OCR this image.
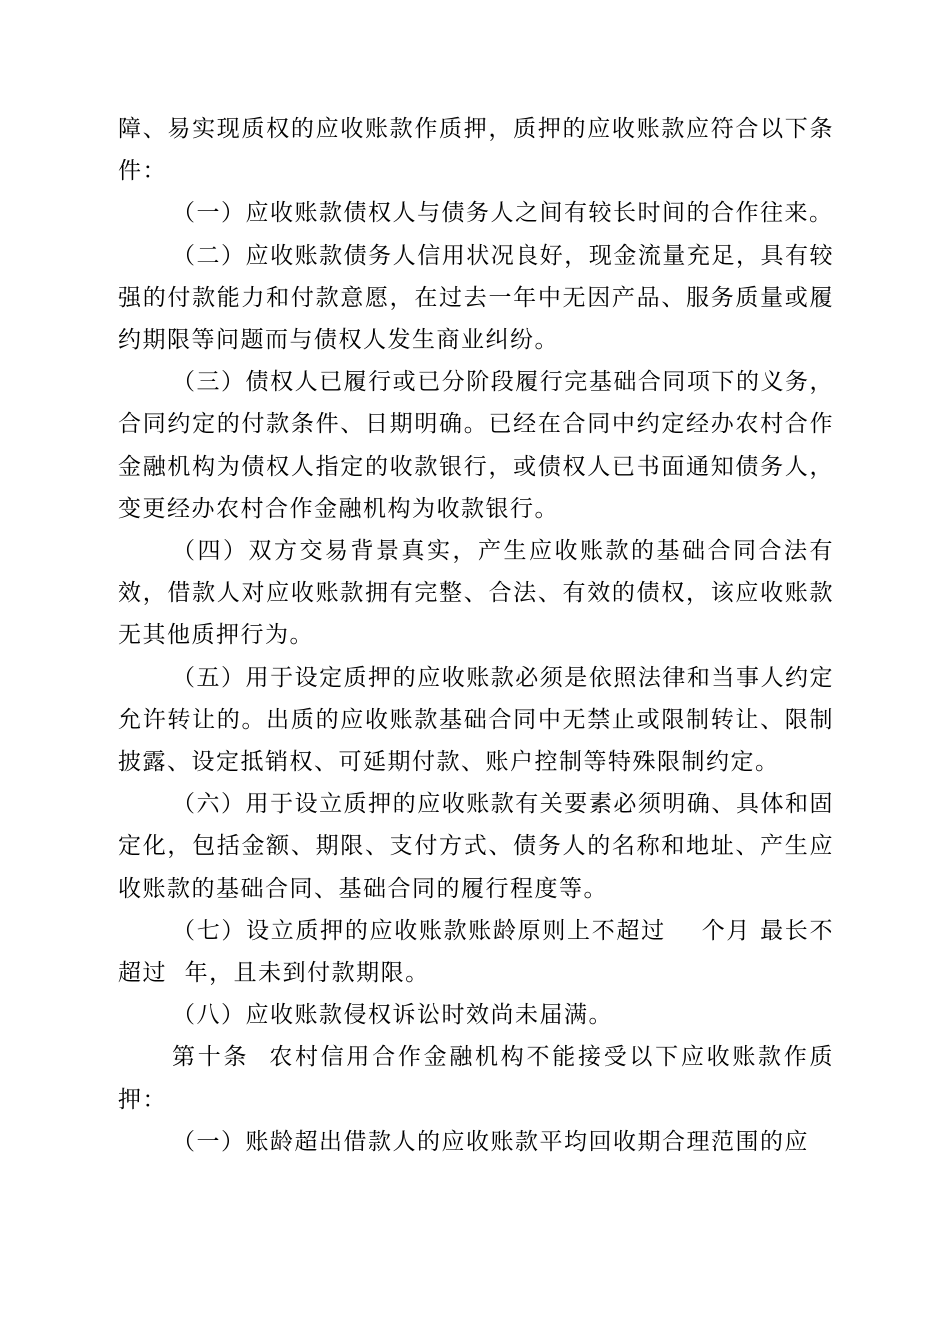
障、易实现质权的应收账款作质押，质押的应收账款应符合以下条件：

（一）应收账款债权人与债务人之间有较长时间的合作往来。

（二）应收账款债务人信用状况良好，现金流量充足，具有较强的付款能力和付款意愿，在过去一年中无因产品、服务质量或履约期限等问题而与债权人发生商业纠纷。

（三）债权人已履行或已分阶段履行完基础合同项下的义务，合同约定的付款条件、日期明确。已经在合同中约定经办农村合作金融机构为债权人指定的收款银行，或债权人已书面通知债务人，变更经办农村合作金融机构为收款银行。

（四）双方交易背景真实，产生应收账款的基础合同合法有效，借款人对应收账款拥有完整、合法、有效的债权，该应收账款无其他质押行为。

（五）用于设定质押的应收账款必须是依照法律和当事人约定允许转让的。出质的应收账款基础合同中无禁止或限制转让、限制披露、设定抵销权、可延期付款、账户控制等特殊限制约定。

（六）用于设立质押的应收账款有关要素必须明确、具体和固定化，包括金额、期限、支付方式、债务人的名称和地址、产生应收账款的基础合同、基础合同的履行程度等。

（七）设立质押的应收账款账龄原则上不超过    个月 最长不超过  年，且未到付款期限。

（八）应收账款侵权诉讼时效尚未届满。

第十条  农村信用合作金融机构不能接受以下应收账款作质押：

（一）账龄超出借款人的应收账款平均回收期合理范围的应
